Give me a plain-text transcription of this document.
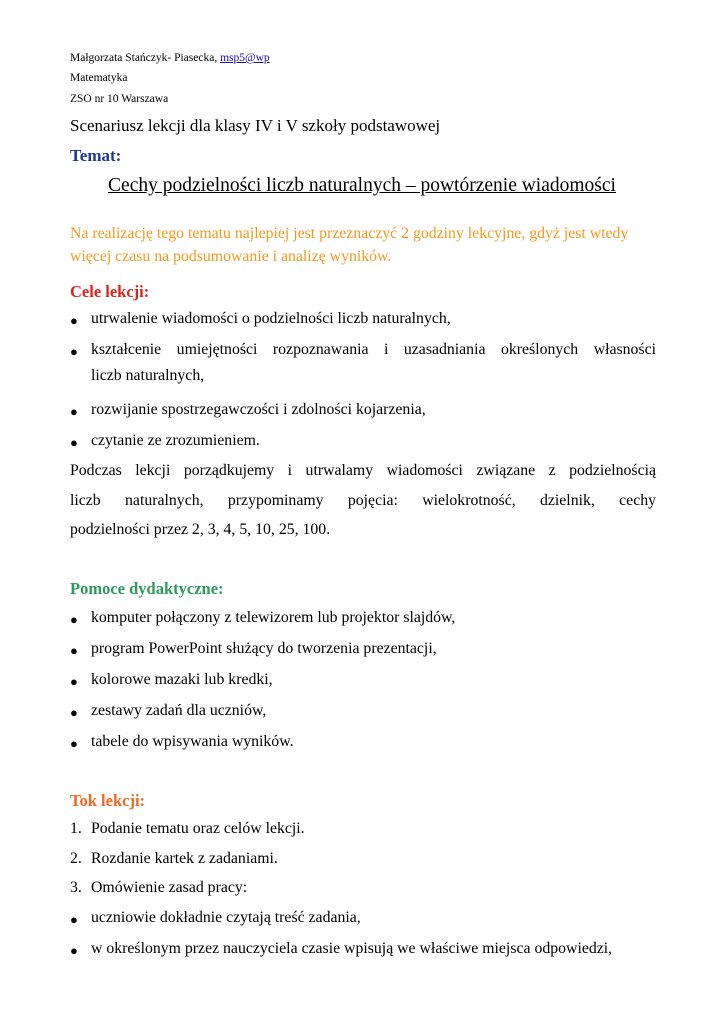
Małgorzata Stańczyk- Piasecka, msp5@wp
Matematyka
ZSO nr 10 Warszawa
Scenariusz lekcji dla klasy IV i V szkoły podstawowej
Temat:
Cechy podzielności liczb naturalnych – powtórzenie wiadomości
Na realizację tego tematu najlepiej jest przeznaczyć 2 godziny lekcyjne, gdyż jest wtedy więcej czasu na podsumowanie i analizę wyników.
Cele lekcji:
● utrwalenie wiadomości o podzielności liczb naturalnych,
● kształcenie umiejętności rozpoznawania i uzasadniania określonych własności
liczb naturalnych,
● rozwijanie spostrzegawczości i zdolności kojarzenia,
● czytanie ze zrozumieniem.
Podczas lekcji porządkujemy i utrwalamy wiadomości związane z podzielnością
liczb naturalnych, przypominamy pojęcia: wielokrotność, dzielnik, cechy
podzielności przez 2, 3, 4, 5, 10, 25, 100.
Pomoce dydaktyczne:
● komputer połączony z telewizorem lub projektor slajdów,
● program PowerPoint służący do tworzenia prezentacji,
● kolorowe mazaki lub kredki,
● zestawy zadań dla uczniów,
● tabele do wpisywania wyników.
Tok lekcji:
1. Podanie tematu oraz celów lekcji.
2. Rozdanie kartek z zadaniami.
3. Omówienie zasad pracy:
● uczniowie dokładnie czytają treść zadania,
● w określonym przez nauczyciela czasie wpisują we właściwe miejsca odpowiedzi,
